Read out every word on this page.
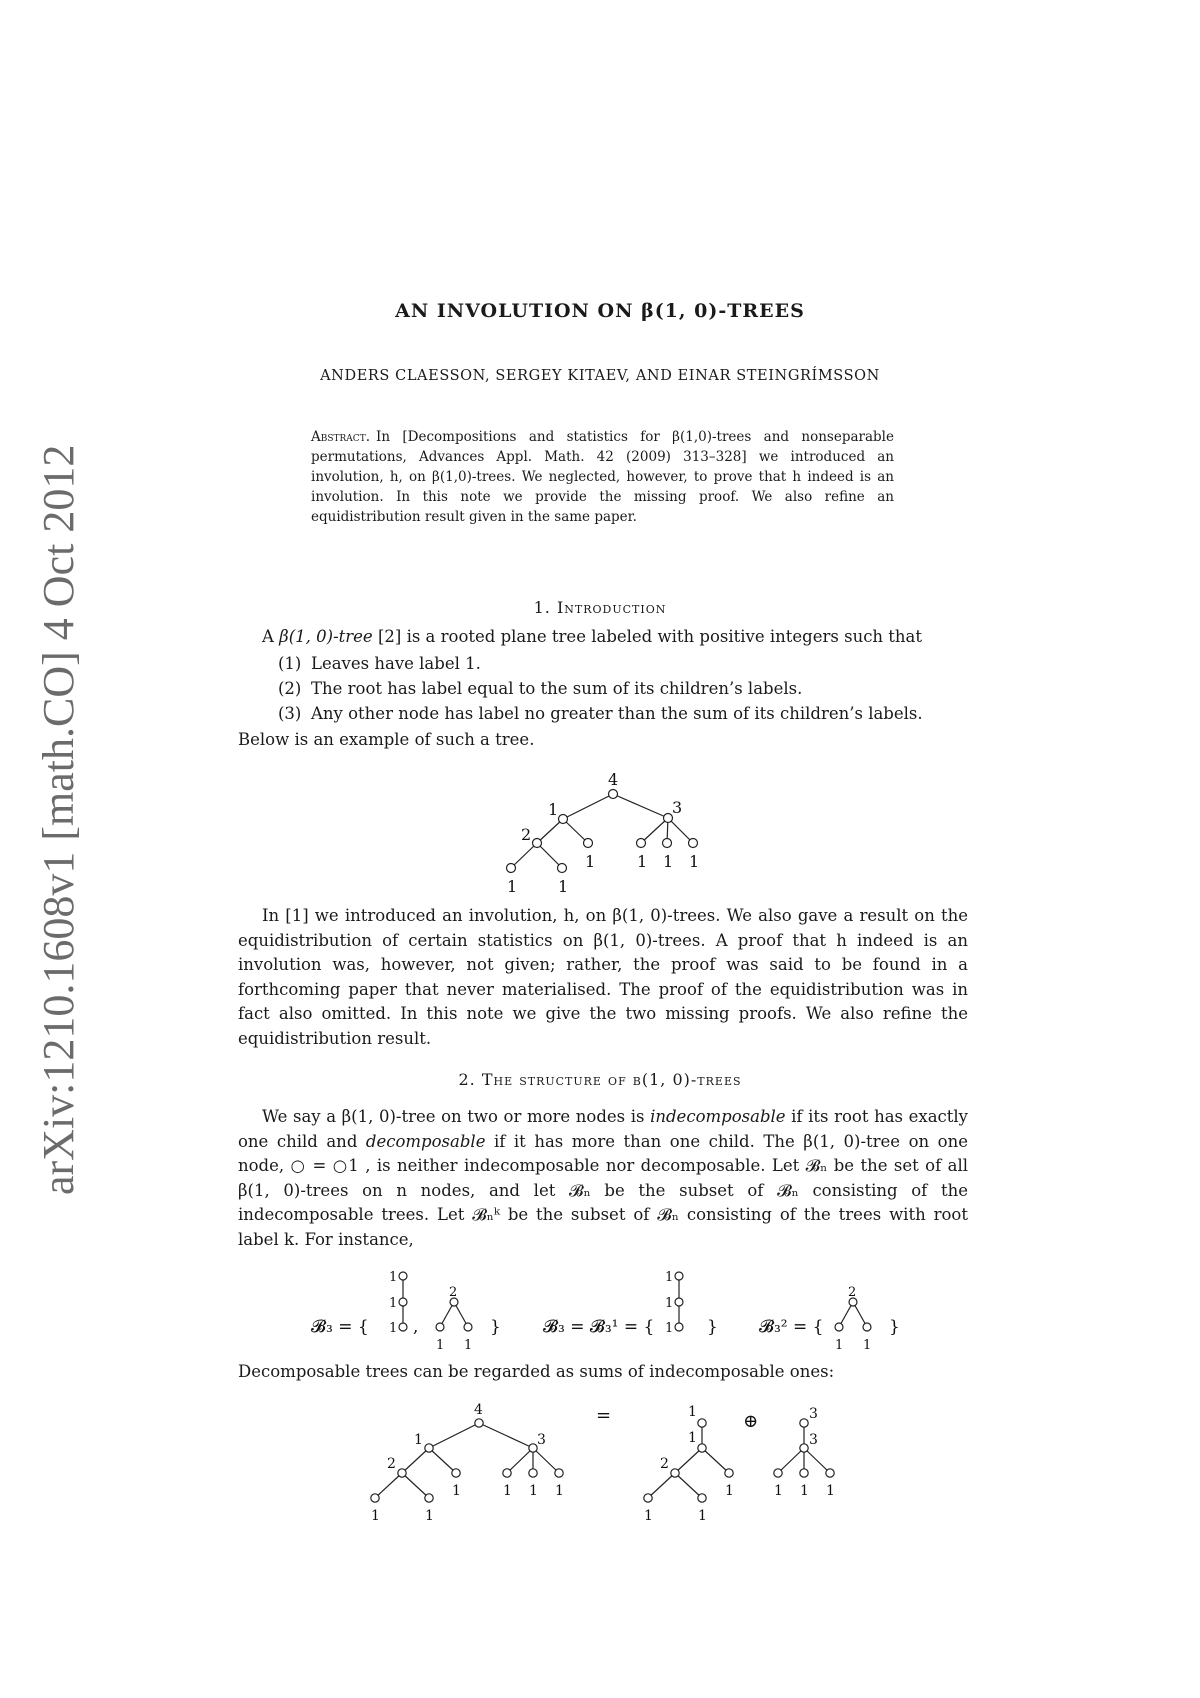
arXiv:1210.1608v1 [math.CO] 4 Oct 2012
AN INVOLUTION ON β(1, 0)-TREES
ANDERS CLAESSON, SERGEY KITAEV, AND EINAR STEINGRÍMSSON
Abstract. In [Decompositions and statistics for β(1,0)-trees and nonseparable permutations, Advances Appl. Math. 42 (2009) 313–328] we introduced an involution, h, on β(1,0)-trees. We neglected, however, to prove that h indeed is an involution. In this note we provide the missing proof. We also refine an equidistribution result given in the same paper.
1. Introduction
A β(1, 0)-tree [2] is a rooted plane tree labeled with positive integers such that
(1) Leaves have label 1.
(2) The root has label equal to the sum of its children’s labels.
(3) Any other node has label no greater than the sum of its children’s labels.
Below is an example of such a tree.
4
1	3
2
1	1 1 1
1	1
1
1
1
2
1 1
1
1
1
2
1 1
𝓑₃ = {	,	} 𝓑₃ = 𝓑₃¹ = {	} 𝓑₃² = {	}
4
1	3
2
1	1 1 1
1	1
1
1
2
1
1	1
3
3
1 1 1
=	⊕
In [1] we introduced an involution, h, on β(1, 0)-trees. We also gave a result on the equidistribution of certain statistics on β(1, 0)-trees. A proof that h indeed is an involution was, however, not given; rather, the proof was said to be found in a forthcoming paper that never materialised. The proof of the equidistribution was in fact also omitted. In this note we give the two missing proofs. We also refine the equidistribution result.
2. The structure of β(1, 0)-trees
We say a β(1, 0)-tree on two or more nodes is indecomposable if its root has exactly one child and decomposable if it has more than one child. The β(1, 0)-tree on one node, ○ = ○1 , is neither indecomposable nor decomposable. Let 𝓑ₙ be the set of all β(1, 0)-trees on n nodes, and let 𝓑ₙ be the subset of 𝓑ₙ consisting of the indecomposable trees. Let 𝓑ₙᵏ be the subset of 𝓑ₙ consisting of the trees with root label k. For instance,
Decomposable trees can be regarded as sums of indecomposable ones:
